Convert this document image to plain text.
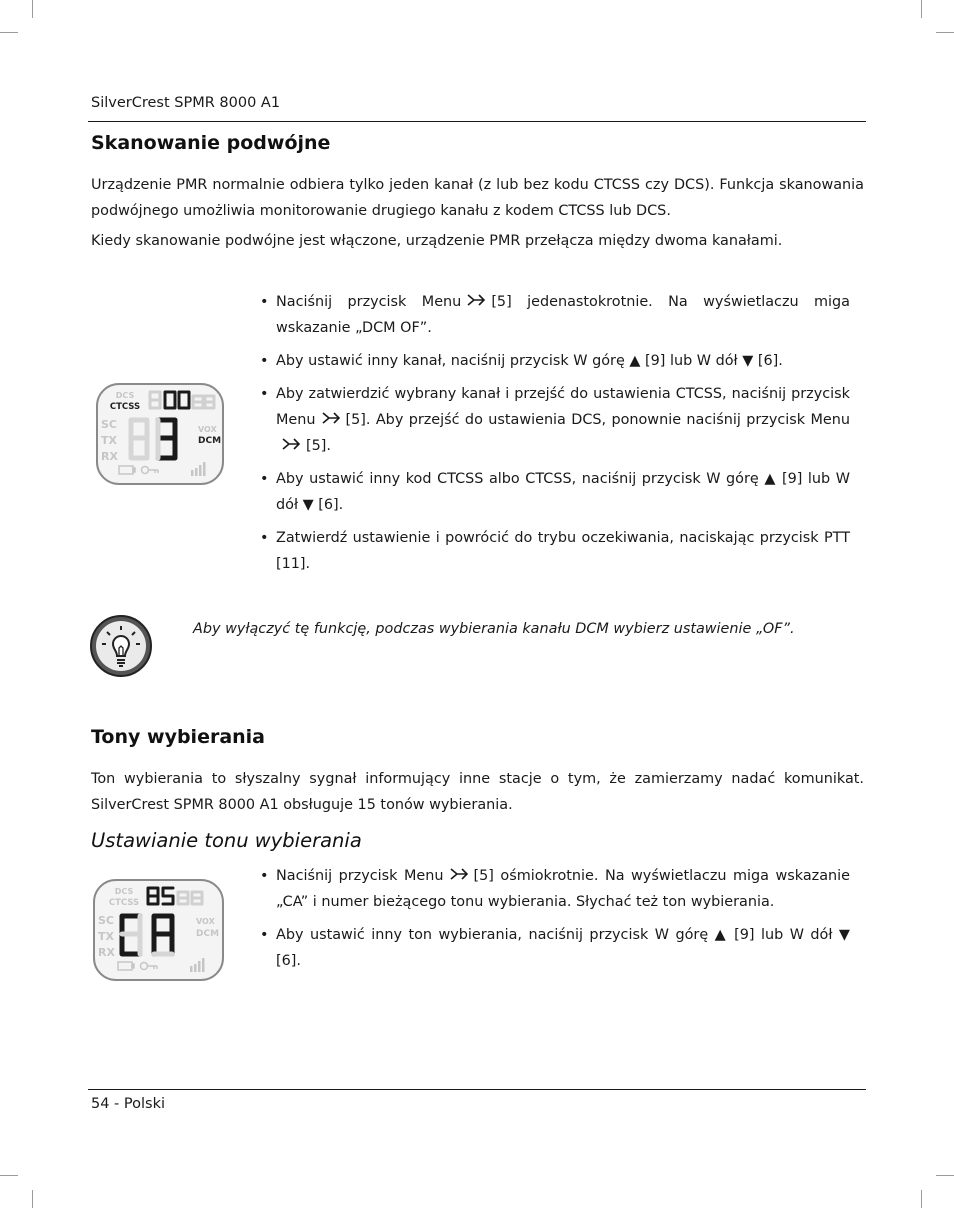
SilverCrest SPMR 8000 A1
Skanowanie podwójne
Urządzenie PMR normalnie odbiera tylko jeden kanał (z lub bez kodu CTCSS czy DCS). Funkcja skanowania podwójnego umożliwia monitorowanie drugiego kanału z kodem CTCSS lub DCS.
Kiedy skanowanie podwójne jest włączone, urządzenie PMR przełącza między dwoma kanałami.
DCS
CTCSS
SC
TX
RX
VOX
DCM
• Naciśnij przycisk Menu [5] jedenastokrotnie. Na wyświetlaczu miga wskazanie „DCM OF”.
• Aby ustawić inny kanał, naciśnij przycisk W górę ▲ [9] lub W dół ▼ [6].
• Aby zatwierdzić wybrany kanał i przejść do ustawienia CTCSS, naciśnij przycisk Menu [5]. Aby przejść do ustawienia DCS, ponownie naciśnij przycisk Menu[5].
• Aby ustawić inny kod CTCSS albo CTCSS, naciśnij przycisk W górę ▲ [9] lub W dół ▼ [6].
• Zatwierdź ustawienie i powrócić do trybu oczekiwania, naciskając przycisk PTT [11].
Aby wyłączyć tę funkcję, podczas wybierania kanału DCM wybierz ustawienie „OF”.
Tony wybierania
Ton wybierania to słyszalny sygnał informujący inne stacje o tym, że zamierzamy nadać komunikat. SilverCrest SPMR 8000 A1 obsługuje 15 tonów wybierania.
Ustawianie tonu wybierania
DCS
CTCSS
SC
TX
RX
VOX
DCM
• Naciśnij przycisk Menu [5] ośmiokrotnie. Na wyświetlaczu miga wskazanie „CA” i numer bieżącego tonu wybierania. Słychać też ton wybierania.
• Aby ustawić inny ton wybierania, naciśnij przycisk W górę ▲ [9] lub W dół ▼ [6].
54 - Polski
